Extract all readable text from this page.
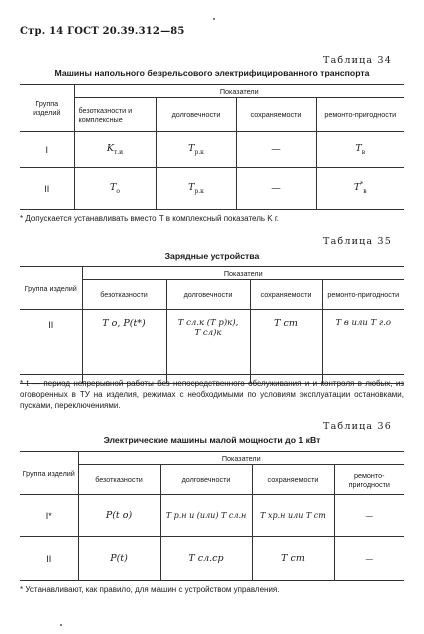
Стр. 14 ГОСТ 20.39.312—85
Таблица 34
Машины напольного безрельсового электрифицированного транспорта
Группа изделий	Показатели			
	безотказности и комплексные	долговечности	сохраняемости	ремонто-пригодности
I	$K_{т.и}$	$T_{р.к}$	—	$T_в$
II	$T_о$	$T_{р.к}$	—	$T^*_в$
* Допускается устанавливать вместо T в комплексный показатель K г.
Таблица 35
Зарядные устройства
Группа изделий	Показатели			
	безотказности	долговечности	сохраняемости	ремонто-пригодности
II	T о, P(t*)	T сл.к (T р)к),
T сл)к	T ст	T в или T г.о
* t — период непрерывной работы без непосредственного обслуживания и и контроля в любых, из оговоренных в ТУ на изделия, режимах с необходимыми по условиям эксплуатации остановками, пусками, переключениями.
Таблица 36
Электрические машины малой мощности до 1 кВт
Группа изделий	Показатели			
	безотказности	долговечности	сохраняемости	ремонто-пригодности
I*	P(t о)	T р.н и (или) T сл.н	T хр.н или T ст	—
II	P(t)	T сл.ср	T ст	—
* Устанавливают, как правило, для машин с устройством управления.
